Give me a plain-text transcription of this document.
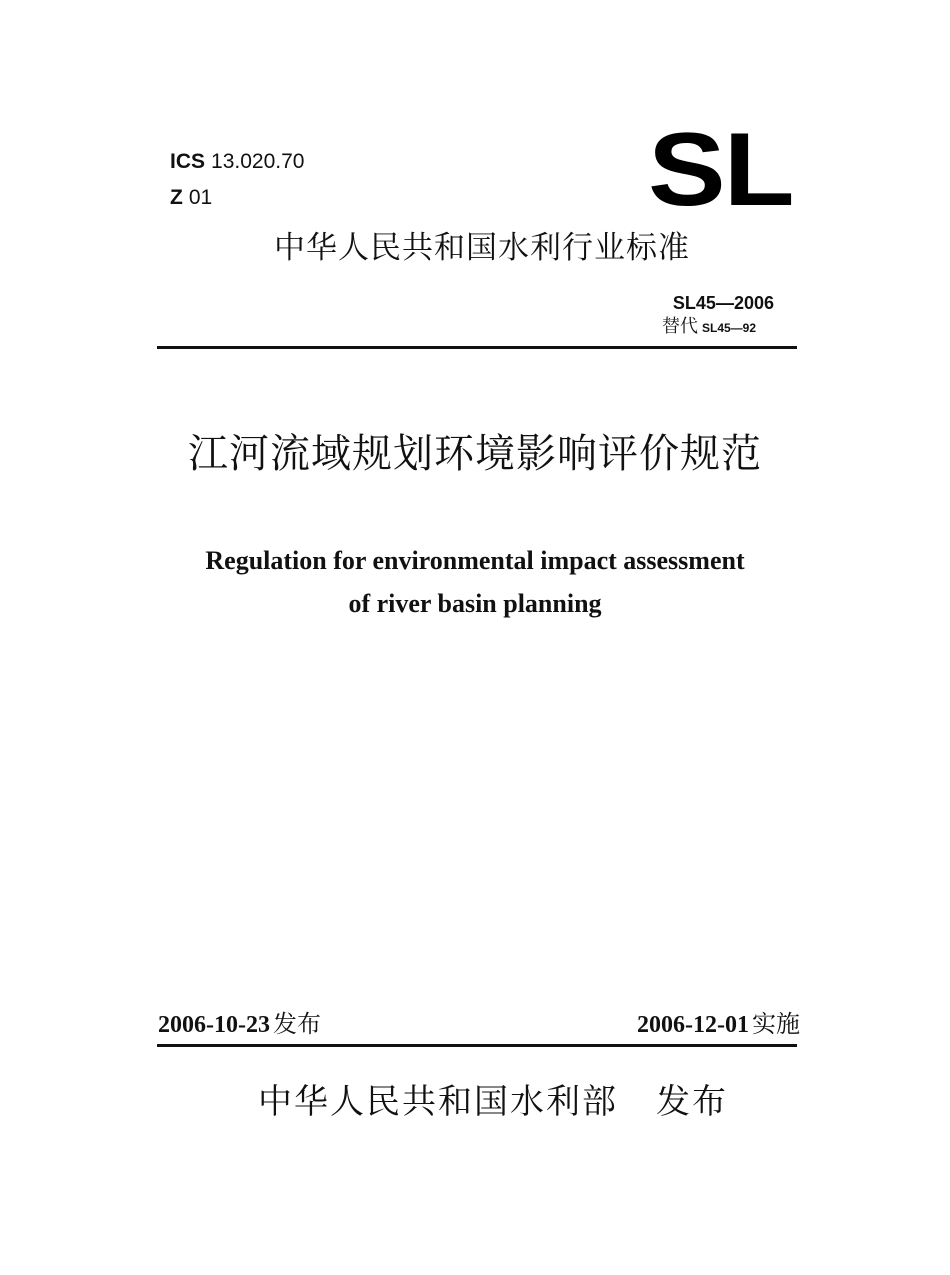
ICS 13.020.70
Z 01	SL
中华人民共和国水利行业标准
SL45—2006
替代 SL45—92
江河流域规划环境影响评价规范
Regulation for environmental impact assessment
of river basin planning
2006-10-23 发布	2006-12-01 实施
中华人民共和国水利部 发布
